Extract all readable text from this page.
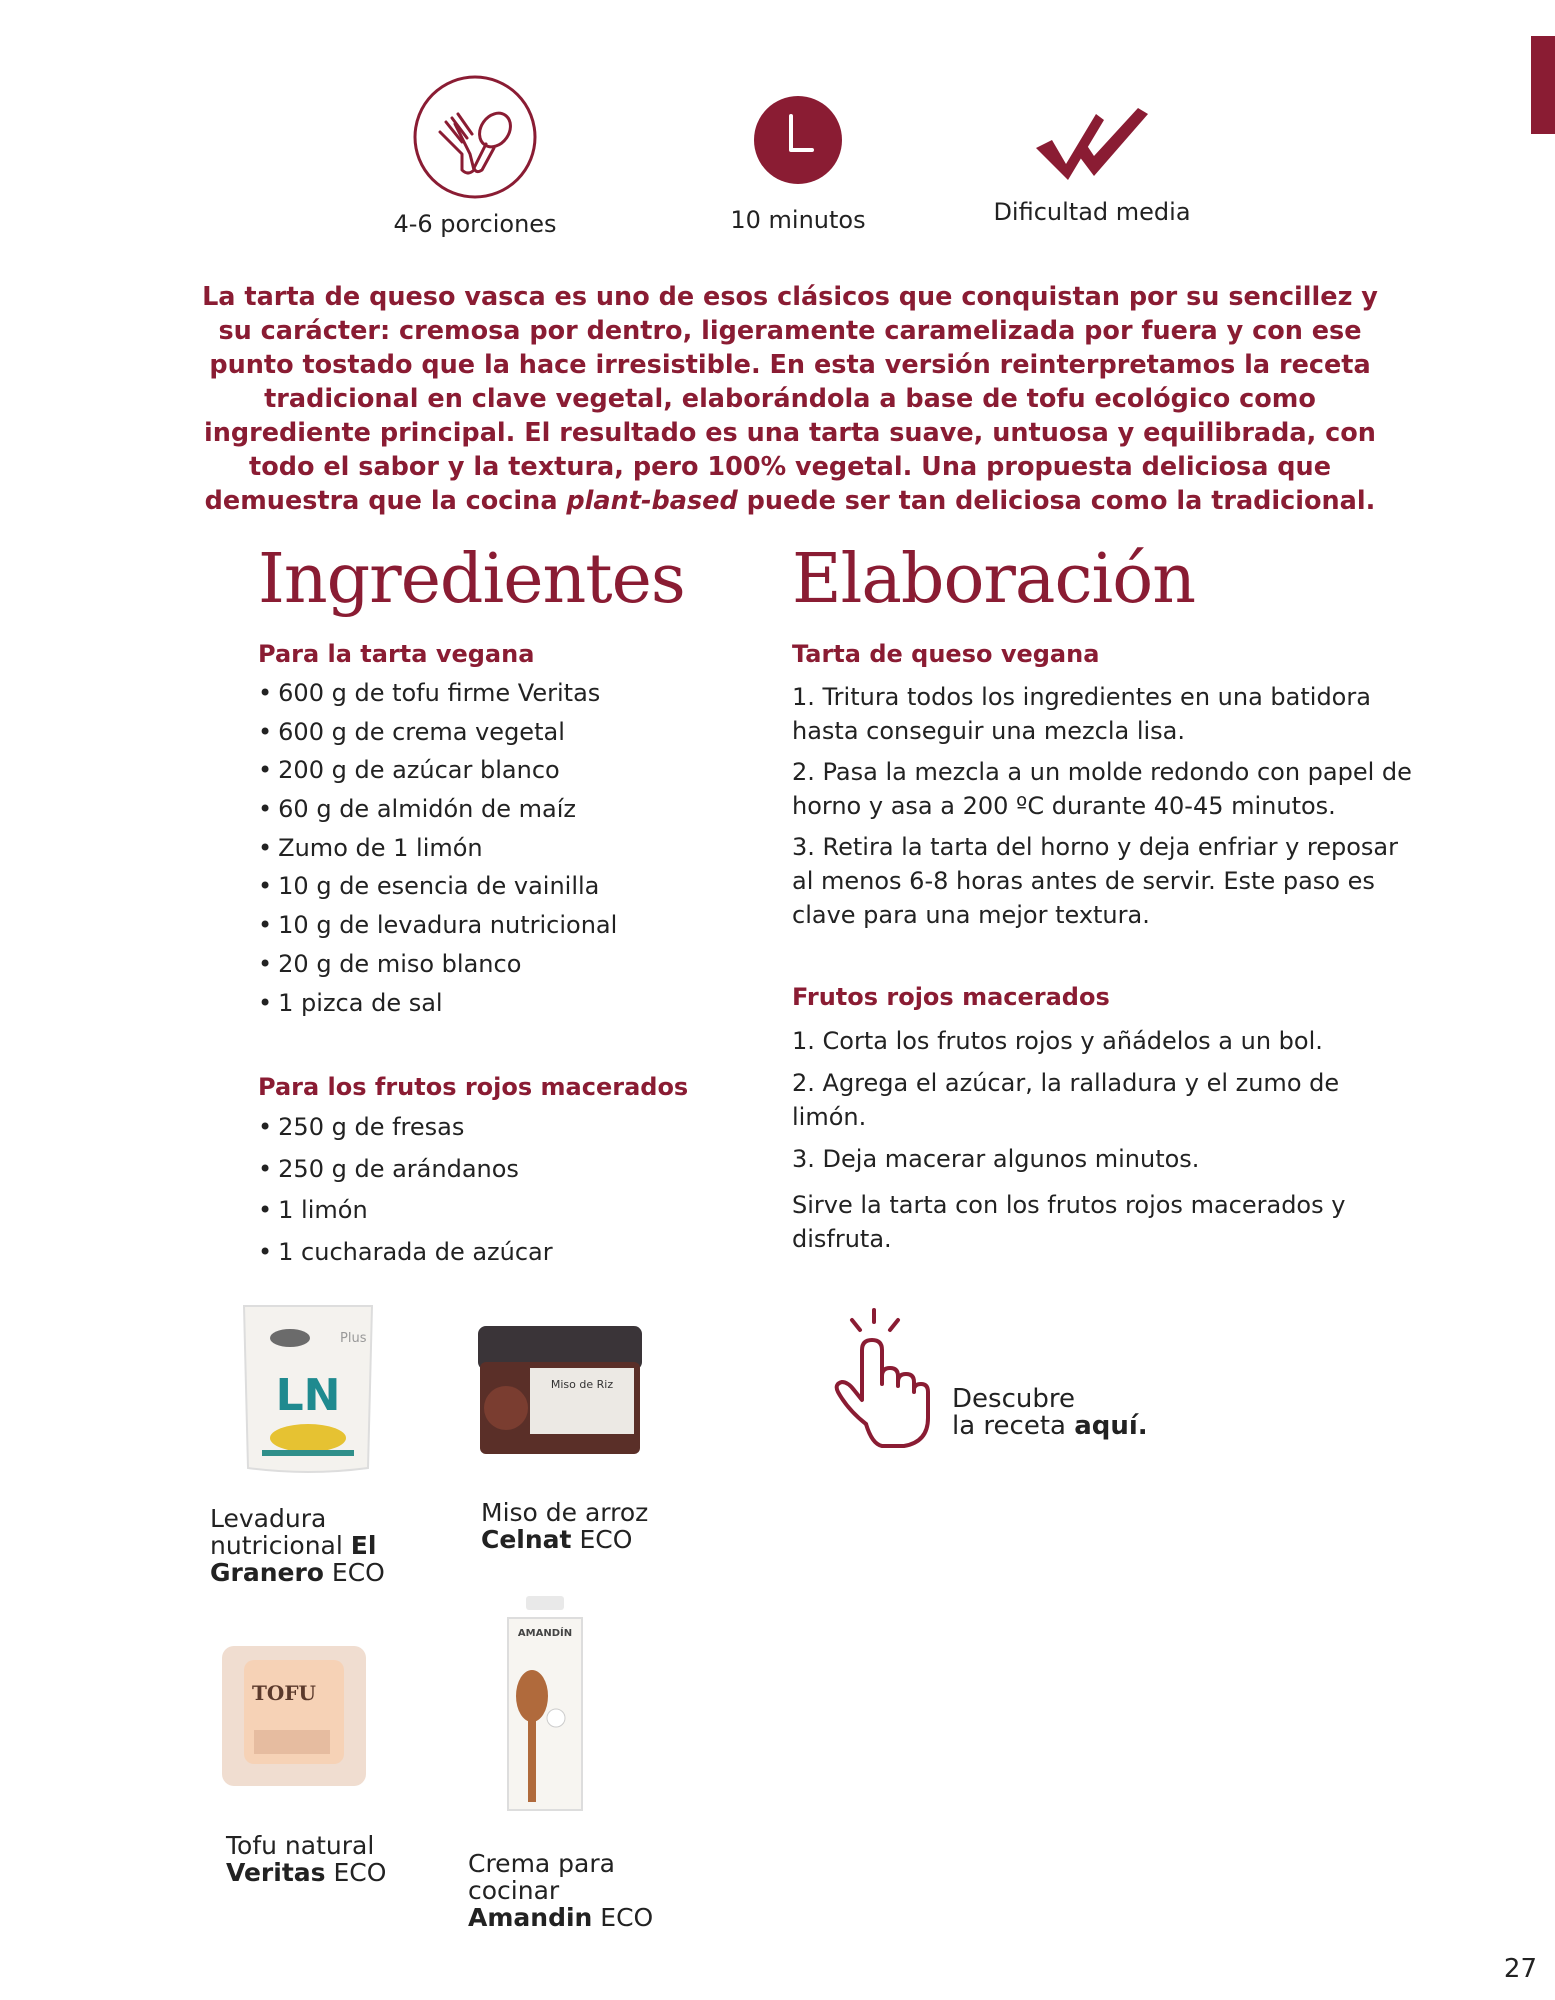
4-6 porciones	10 minutos	Dificultad media

La tarta de queso vasca es uno de esos clásicos que conquistan por su sencillez y su carácter: cremosa por dentro, ligeramente caramelizada por fuera y con ese punto tostado que la hace irresistible. En esta versión reinterpretamos la receta tradicional en clave vegetal, elaborándola a base de tofu ecológico como ingrediente principal. El resultado es una tarta suave, untuosa y equilibrada, con todo el sabor y la textura, pero 100% vegetal. Una propuesta deliciosa que demuestra que la cocina plant-based puede ser tan deliciosa como la tradicional.

Ingredientes
Para la tarta vegana
• 600 g de tofu firme Veritas
• 600 g de crema vegetal
• 200 g de azúcar blanco
• 60 g de almidón de maíz
• Zumo de 1 limón
• 10 g de esencia de vainilla
• 10 g de levadura nutricional
• 20 g de miso blanco
• 1 pizca de sal
Para los frutos rojos macerados
• 250 g de fresas
• 250 g de arándanos
• 1 limón
• 1 cucharada de azúcar
Elaboración
Tarta de queso vegana
1. Tritura todos los ingredientes en una batidora hasta conseguir una mezcla lisa.
2. Pasa la mezcla a un molde redondo con papel de horno y asa a 200 ºC durante 40-45 minutos.
3. Retira la tarta del horno y deja enfriar y reposar al menos 6-8 horas antes de servir. Este paso es clave para una mejor textura.
Frutos rojos macerados
1. Corta los frutos rojos y añádelos a un bol.
2. Agrega el azúcar, la ralladura y el zumo de limón.
3. Deja macerar algunos minutos.

Sirve la tarta con los frutos rojos macerados y disfruta.

Descubre
la receta aquí.
Plus
LN
Levadura
nutricional El
Granero ECO
Miso de Riz
Miso de arroz
Celnat ECO
TOFU
Tofu natural
Veritas ECO
AMANDÍN
Crema para
cocinar
Amandin ECO
27
